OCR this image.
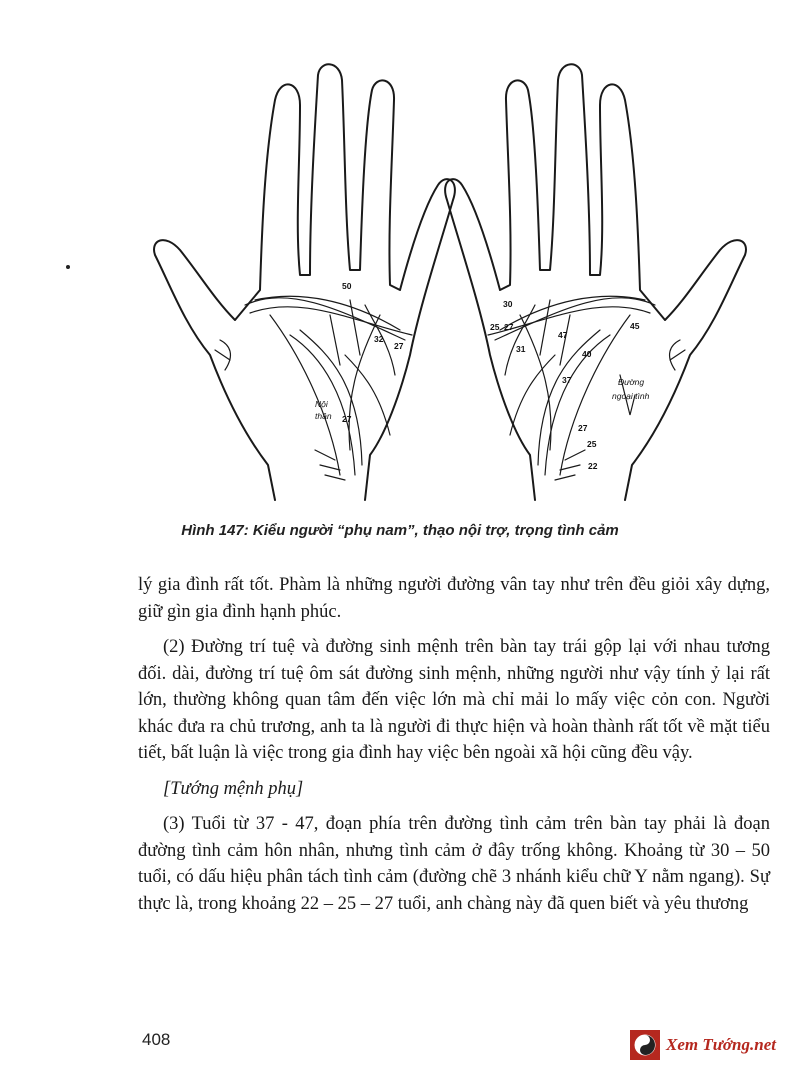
50
32
27
27
Nội
thân
30
25 27
31
47
45
40
37
27
25
22
Đường
ngoại tình
Hình 147: Kiểu người “phụ nam”, thạo nội trợ, trọng tình cảm

lý gia đình rất tốt. Phàm là những người đường vân tay như trên đều giỏi xây dựng, giữ gìn gia đình hạnh phúc.

(2) Đường trí tuệ và đường sinh mệnh trên bàn tay trái gộp lại với nhau tương đối. dài, đường trí tuệ ôm sát đường sinh mệnh, những người như vậy tính ỷ lại rất lớn, thường không quan tâm đến việc lớn mà chỉ mải lo mấy việc cỏn con. Người khác đưa ra chủ trương, anh ta là người đi thực hiện và hoàn thành rất tốt về mặt tiểu tiết, bất luận là việc trong gia đình hay việc bên ngoài xã hội cũng đều vậy.

[Tướng mệnh phụ]

(3) Tuổi từ 37 - 47, đoạn phía trên đường tình cảm trên bàn tay phải là đoạn đường tình cảm hôn nhân, nhưng tình cảm ở đây trống không. Khoảng từ 30 – 50 tuổi, có dấu hiệu phân tách tình cảm (đường chẽ 3 nhánh kiểu chữ Y nằm ngang). Sự thực là, trong khoảng 22 – 25 – 27 tuổi, anh chàng này đã quen biết và yêu thương

408	Xem Tướng.net
